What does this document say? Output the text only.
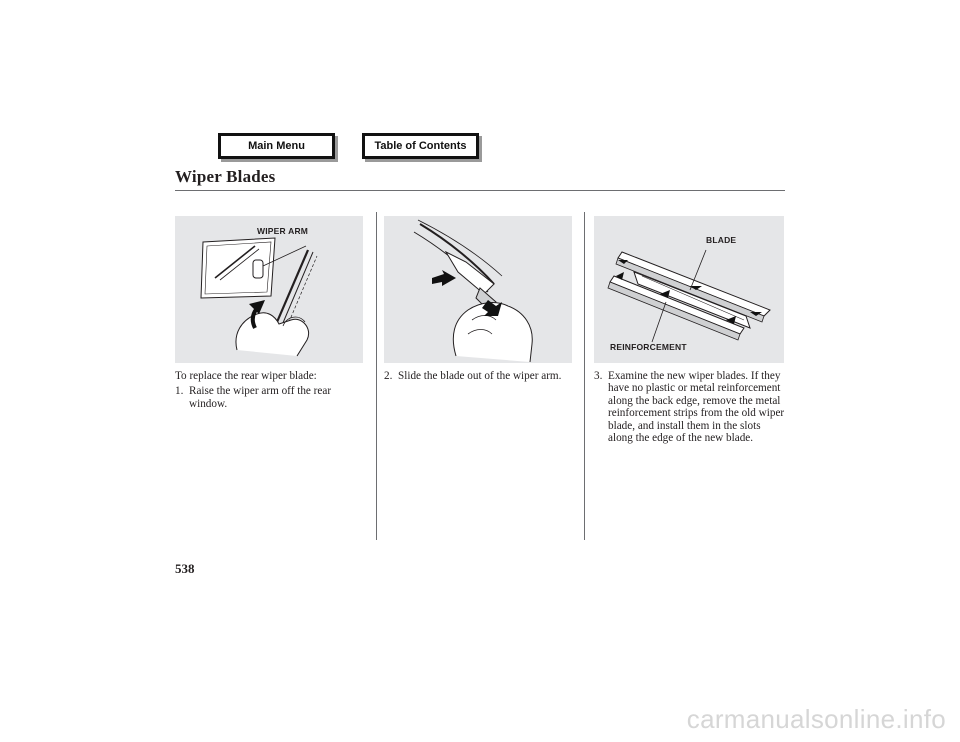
Main Menu	Table of Contents
Wiper Blades
WIPER ARM
BLADE
REINFORCEMENT
To replace the rear wiper blade:
1. Raise the wiper arm off the rear window.
2. Slide the blade out of the wiper arm.	3. Examine the new wiper blades. If they have no plastic or metal reinforcement along the back edge, remove the metal reinforcement strips from the old wiper blade, and install them in the slots along the edge of the new blade.
538
carmanualsonline.info
